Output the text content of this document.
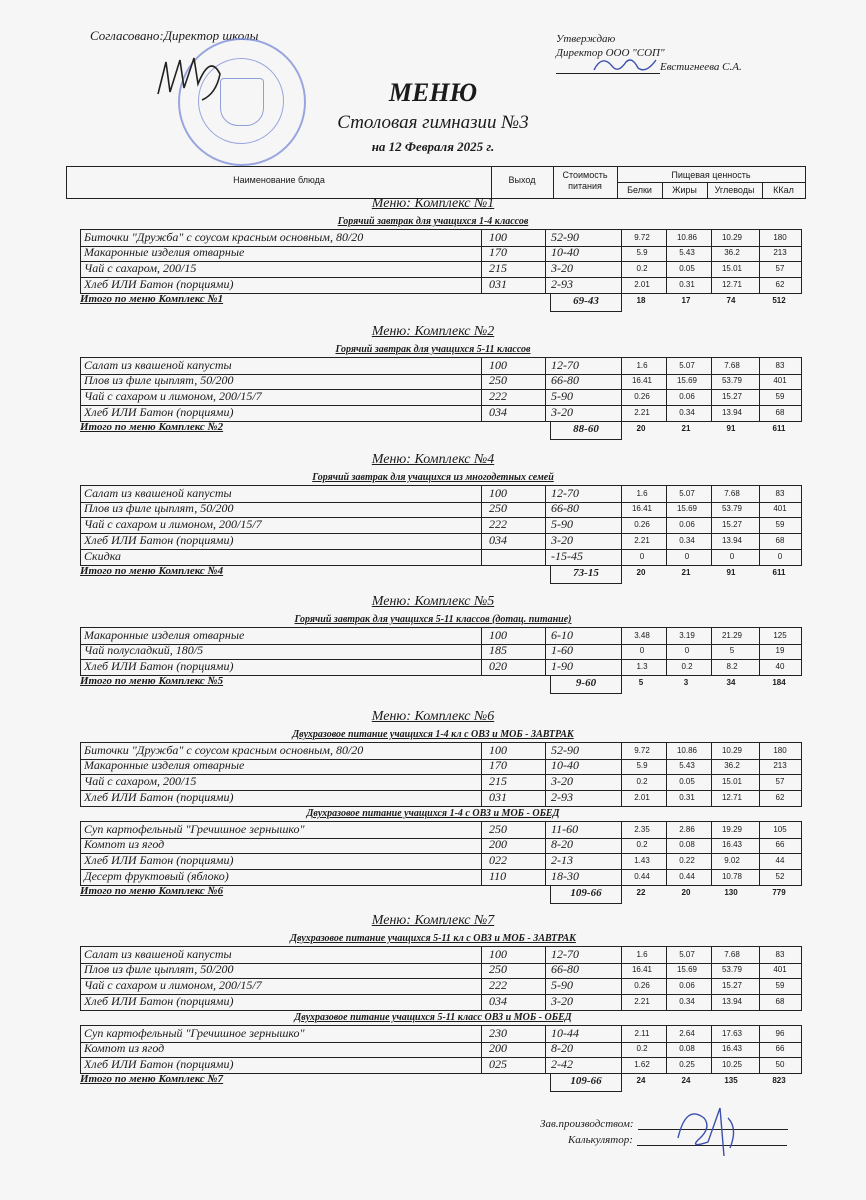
Согласовано:Директор школы	Утверждаю
Директор ООО "СОП"
Евстигнеева С.А.
МЕНЮ
Столовая гимназии №3
на 12 Февраля 2025 г.
Наименование блюда	Выход	Стоимость питания
Пищевая ценность
Белки	Жиры	Углеводы	ККал
Меню: Комплекс №1
Горячий завтрак для учащихся 1-4 классов
Биточки "Дружба" с соусом красным основным, 80/20	100	52-90	9.72	10.86	10.29	180
Макаронные изделия отварные	170	10-40	5.9	5.43	36.2	213
Чай с сахаром, 200/15	215	3-20	0.2	0.05	15.01	57
Хлеб ИЛИ Батон (порциями)	031	2-93	2.01	0.31	12.71	62
Итого по меню Комплекс №1	69-43	18	17	74	512
Меню: Комплекс №2
Горячий завтрак для учащихся 5-11 классов
Салат из квашеной капусты	100	12-70	1.6	5.07	7.68	83
Плов из филе цыплят, 50/200	250	66-80	16.41	15.69	53.79	401
Чай с сахаром и лимоном, 200/15/7	222	5-90	0.26	0.06	15.27	59
Хлеб ИЛИ Батон (порциями)	034	3-20	2.21	0.34	13.94	68
Итого по меню Комплекс №2	88-60	20	21	91	611
Меню: Комплекс №4
Горячий завтрак для учащихся из многодетных семей
Салат из квашеной капусты	100	12-70	1.6	5.07	7.68	83
Плов из филе цыплят, 50/200	250	66-80	16.41	15.69	53.79	401
Чай с сахаром и лимоном, 200/15/7	222	5-90	0.26	0.06	15.27	59
Хлеб ИЛИ Батон (порциями)	034	3-20	2.21	0.34	13.94	68
Скидка	-15-45	0	0	0	0
Итого по меню Комплекс №4	73-15	20	21	91	611
Меню: Комплекс №5
Горячий завтрак для учащихся 5-11 классов (дотац. питание)
Макаронные изделия отварные	100	6-10	3.48	3.19	21.29	125
Чай полусладкий, 180/5	185	1-60	0	0	5	19
Хлеб ИЛИ Батон (порциями)	020	1-90	1.3	0.2	8.2	40
Итого по меню Комплекс №5	9-60	5	3	34	184
Меню: Комплекс №6
Двухразовое питание учащихся 1-4 кл с ОВЗ и МОБ - ЗАВТРАК
Биточки "Дружба" с соусом красным основным, 80/20	100	52-90	9.72	10.86	10.29	180
Макаронные изделия отварные	170	10-40	5.9	5.43	36.2	213
Чай с сахаром, 200/15	215	3-20	0.2	0.05	15.01	57
Хлеб ИЛИ Батон (порциями)	031	2-93	2.01	0.31	12.71	62
Двухразовое питание учащихся 1-4 с ОВЗ и МОБ - ОБЕД
Суп картофельный "Гречишное зернышко"	250	11-60	2.35	2.86	19.29	105
Компот из ягод	200	8-20	0.2	0.08	16.43	66
Хлеб ИЛИ Батон (порциями)	022	2-13	1.43	0.22	9.02	44
Десерт фруктовый (яблоко)	110	18-30	0.44	0.44	10.78	52
Итого по меню Комплекс №6	109-66	22	20	130	779
Меню: Комплекс №7
Двухразовое питание учащихся 5-11 кл с ОВЗ и МОБ - ЗАВТРАК
Салат из квашеной капусты	100	12-70	1.6	5.07	7.68	83
Плов из филе цыплят, 50/200	250	66-80	16.41	15.69	53.79	401
Чай с сахаром и лимоном, 200/15/7	222	5-90	0.26	0.06	15.27	59
Хлеб ИЛИ Батон (порциями)	034	3-20	2.21	0.34	13.94	68
Двухразовое питание учащихся 5-11 класс ОВЗ и МОБ - ОБЕД
Суп картофельный "Гречишное зернышко"	230	10-44	2.11	2.64	17.63	96
Компот из ягод	200	8-20	0.2	0.08	16.43	66
Хлеб ИЛИ Батон (порциями)	025	2-42	1.62	0.25	10.25	50
Итого по меню Комплекс №7	109-66	24	24	135	823
Зав.производством:
Калькулятор:
